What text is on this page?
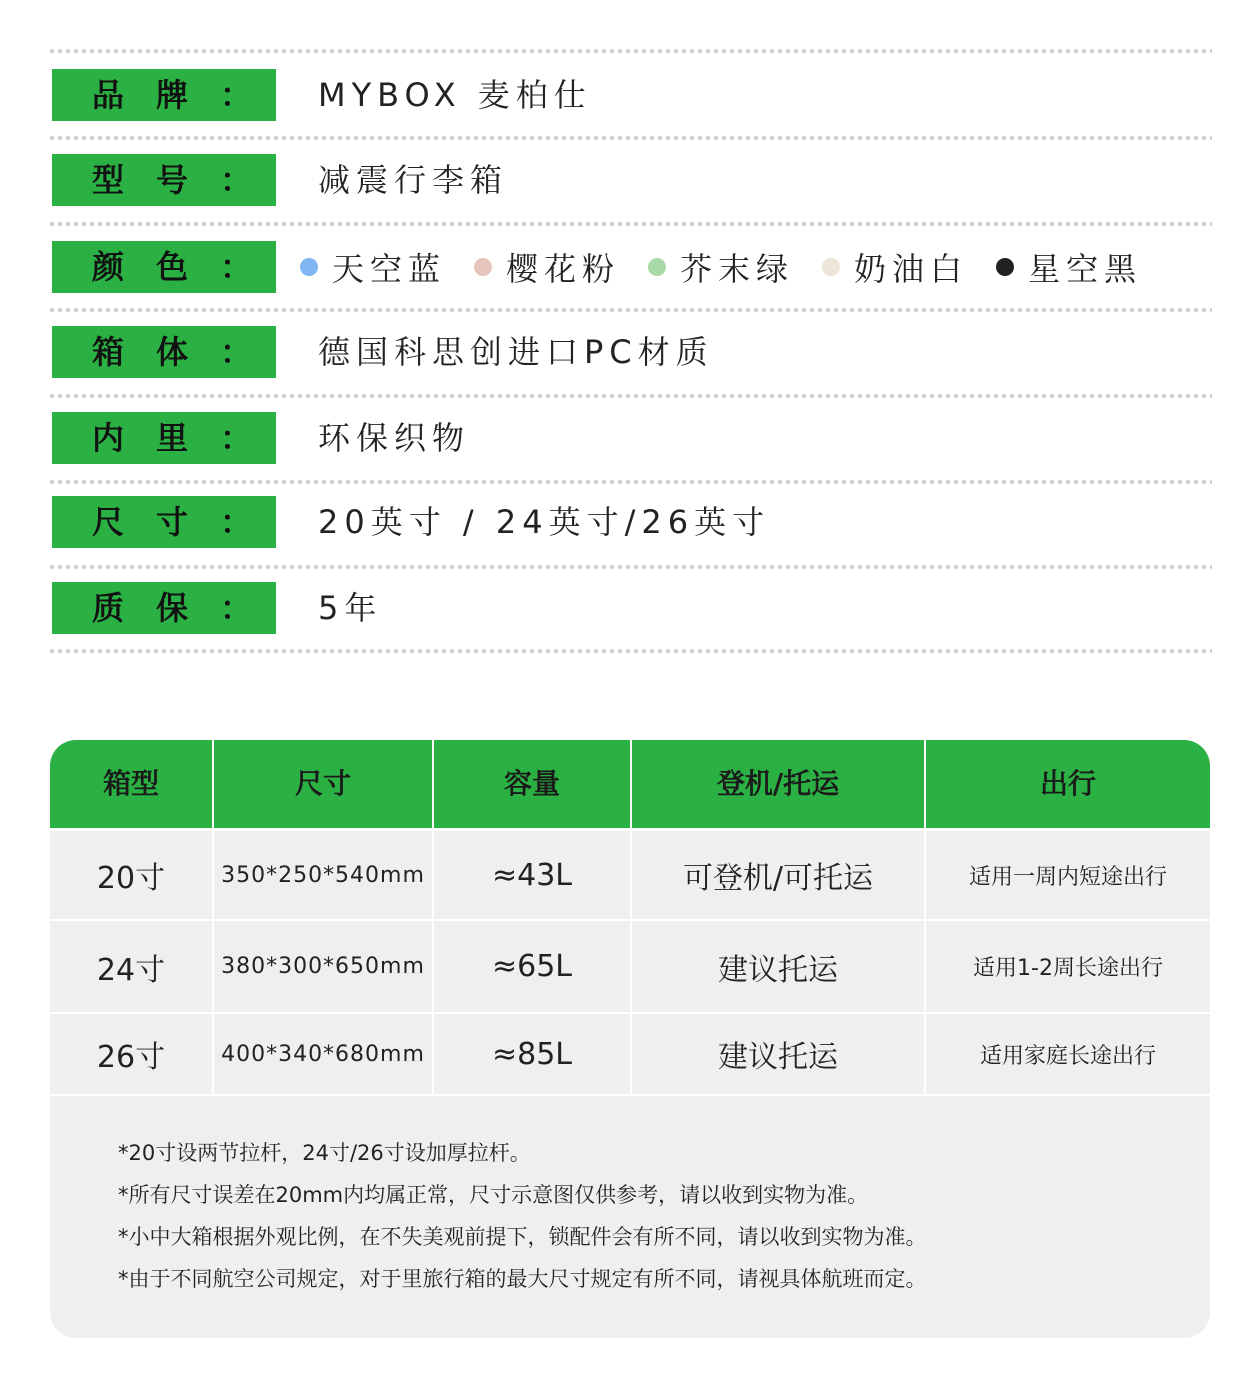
品 牌 ： MYBOX 麦柏仕
型 号 ： 减震行李箱
颜 色 ： 天空蓝 樱花粉 芥末绿 奶油白 星空黑
箱 体 ： 德国科思创进口PC材质
内 里 ： 环保织物
尺 寸 ： 20英寸 / 24英寸/26英寸
质 保 ： 5年
箱型	尺寸	容量	登机/托运	出行
20寸	350*250*540mm	≈43L	可登机/可托运	适用一周内短途出行
24寸	380*300*650mm	≈65L	建议托运	适用1-2周长途出行
26寸	400*340*680mm	≈85L	建议托运	适用家庭长途出行
*20寸设两节拉杆，24寸/26寸设加厚拉杆。
*所有尺寸误差在20mm内均属正常，尺寸示意图仅供参考，请以收到实物为准。
*小中大箱根据外观比例，在不失美观前提下，锁配件会有所不同，请以收到实物为准。
*由于不同航空公司规定，对于里旅行箱的最大尺寸规定有所不同，请视具体航班而定。
